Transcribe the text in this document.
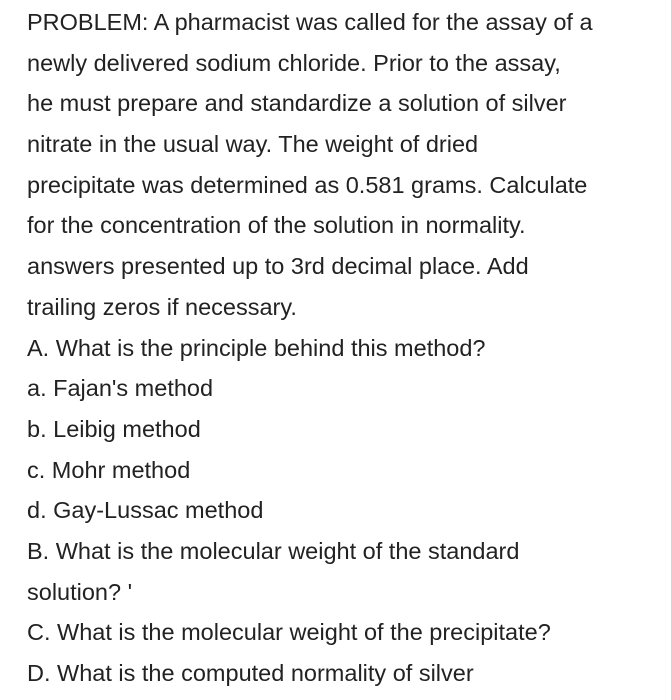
PROBLEM: A pharmacist was called for the assay of a
newly delivered sodium chloride. Prior to the assay,
he must prepare and standardize a solution of silver
nitrate in the usual way. The weight of dried
precipitate was determined as 0.581 grams. Calculate
for the concentration of the solution in normality.
answers presented up to 3rd decimal place. Add
trailing zeros if necessary.
A. What is the principle behind this method?
a. Fajan's method
b. Leibig method
c. Mohr method
d. Gay-Lussac method
B. What is the molecular weight of the standard
solution? '
C. What is the molecular weight of the precipitate?
D. What is the computed normality of silver
